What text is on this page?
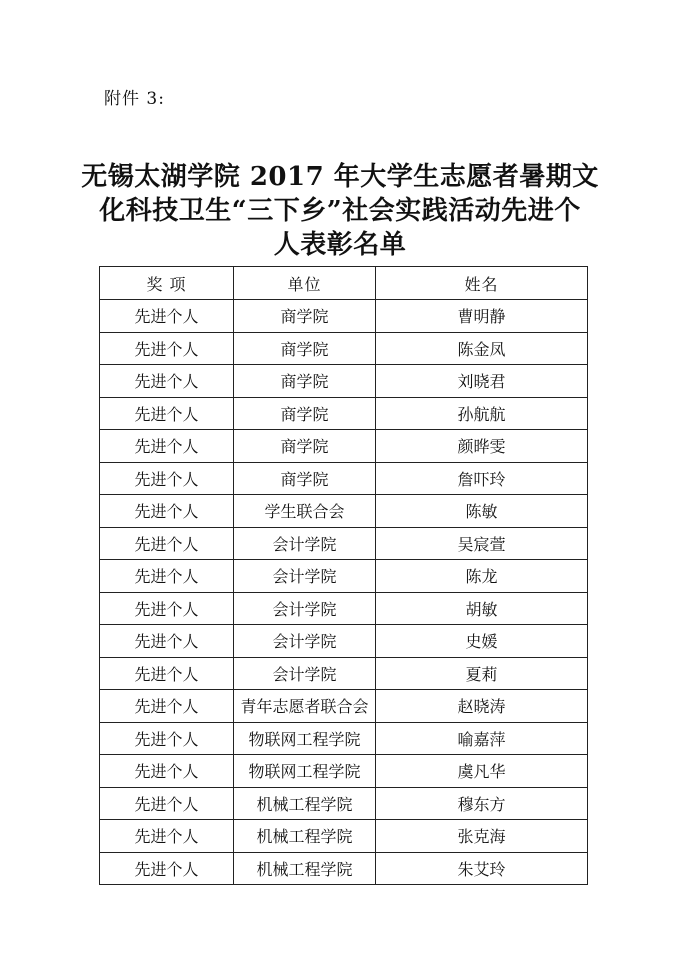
附件 3:
无锡太湖学院 2017 年大学生志愿者暑期文
化科技卫生“三下乡”社会实践活动先进个
人表彰名单
奖 项	单位	姓名
先进个人	商学院	曹明静
先进个人	商学院	陈金凤
先进个人	商学院	刘晓君
先进个人	商学院	孙航航
先进个人	商学院	颜晔雯
先进个人	商学院	詹吓玲
先进个人	学生联合会	陈敏
先进个人	会计学院	吴宸萱
先进个人	会计学院	陈龙
先进个人	会计学院	胡敏
先进个人	会计学院	史媛
先进个人	会计学院	夏莉
先进个人	青年志愿者联合会	赵晓涛
先进个人	物联网工程学院	喻嘉萍
先进个人	物联网工程学院	虞凡华
先进个人	机械工程学院	穆东方
先进个人	机械工程学院	张克海
先进个人	机械工程学院	朱艾玲
